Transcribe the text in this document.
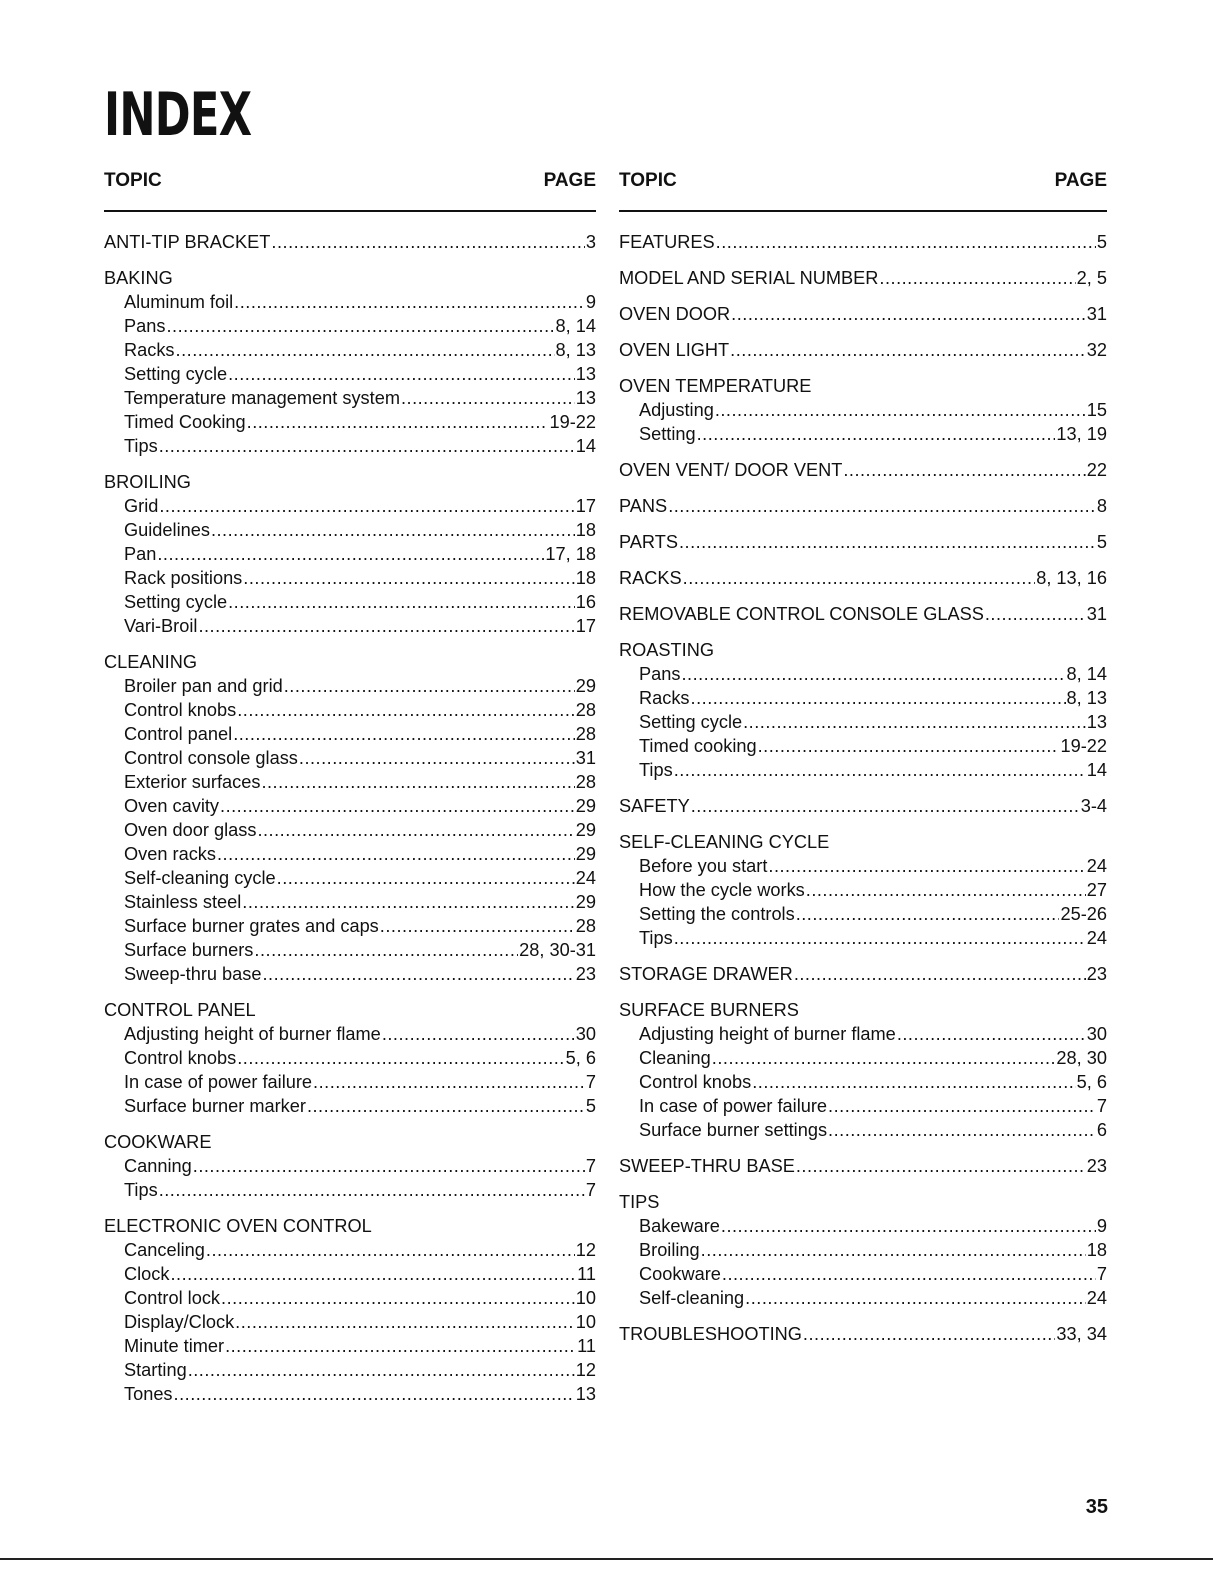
INDEX
TOPIC	PAGE
ANTI-TIP BRACKET .....	3
BAKING
Aluminum foil .....	9
Pans .....	8, 14
Racks .....	8, 13
Setting cycle .....	13
Temperature management system .....	13
Timed Cooking .....	19-22
Tips .....	14
BROILING
Grid .....	17
Guidelines .....	18
Pan .....	17, 18
Rack positions .....	18
Setting cycle .....	16
Vari-Broil .....	17
CLEANING
Broiler pan and grid .....	29
Control knobs .....	28
Control panel .....	28
Control console glass .....	31
Exterior surfaces .....	28
Oven cavity .....	29
Oven door glass .....	29
Oven racks .....	29
Self-cleaning cycle .....	24
Stainless steel .....	29
Surface burner grates and caps .....	28
Surface burners .....	28, 30-31
Sweep-thru base .....	23
CONTROL PANEL
Adjusting height of burner flame .....	30
Control knobs .....	5, 6
In case of power failure .....	7
Surface burner marker .....	5
COOKWARE
Canning .....	7
Tips .....	7
ELECTRONIC OVEN CONTROL
Canceling .....	12
Clock .....	11
Control lock .....	10
Display/Clock .....	10
Minute timer .....	11
Starting .....	12
Tones .....	13
TOPIC	PAGE
FEATURES .....	5
MODEL AND SERIAL NUMBER .....	2, 5
OVEN DOOR .....	31
OVEN LIGHT .....	32
OVEN TEMPERATURE
Adjusting .....	15
Setting .....	13, 19
OVEN VENT/ DOOR VENT .....	22
PANS .....	8
PARTS .....	5
RACKS .....	8, 13, 16
REMOVABLE CONTROL CONSOLE GLASS .....	31
ROASTING
Pans .....	8, 14
Racks .....	8, 13
Setting cycle .....	13
Timed cooking .....	19-22
Tips .....	14
SAFETY .....	3-4
SELF-CLEANING CYCLE
Before you start .....	24
How the cycle works .....	27
Setting the controls .....	25-26
Tips .....	24
STORAGE DRAWER .....	23
SURFACE BURNERS
Adjusting height of burner flame .....	30
Cleaning .....	28, 30
Control knobs .....	5, 6
In case of power failure .....	7
Surface burner settings .....	6
SWEEP-THRU BASE .....	23
TIPS
Bakeware .....	9
Broiling .....	18
Cookware .....	7
Self-cleaning .....	24
TROUBLESHOOTING .....	33, 34
35
